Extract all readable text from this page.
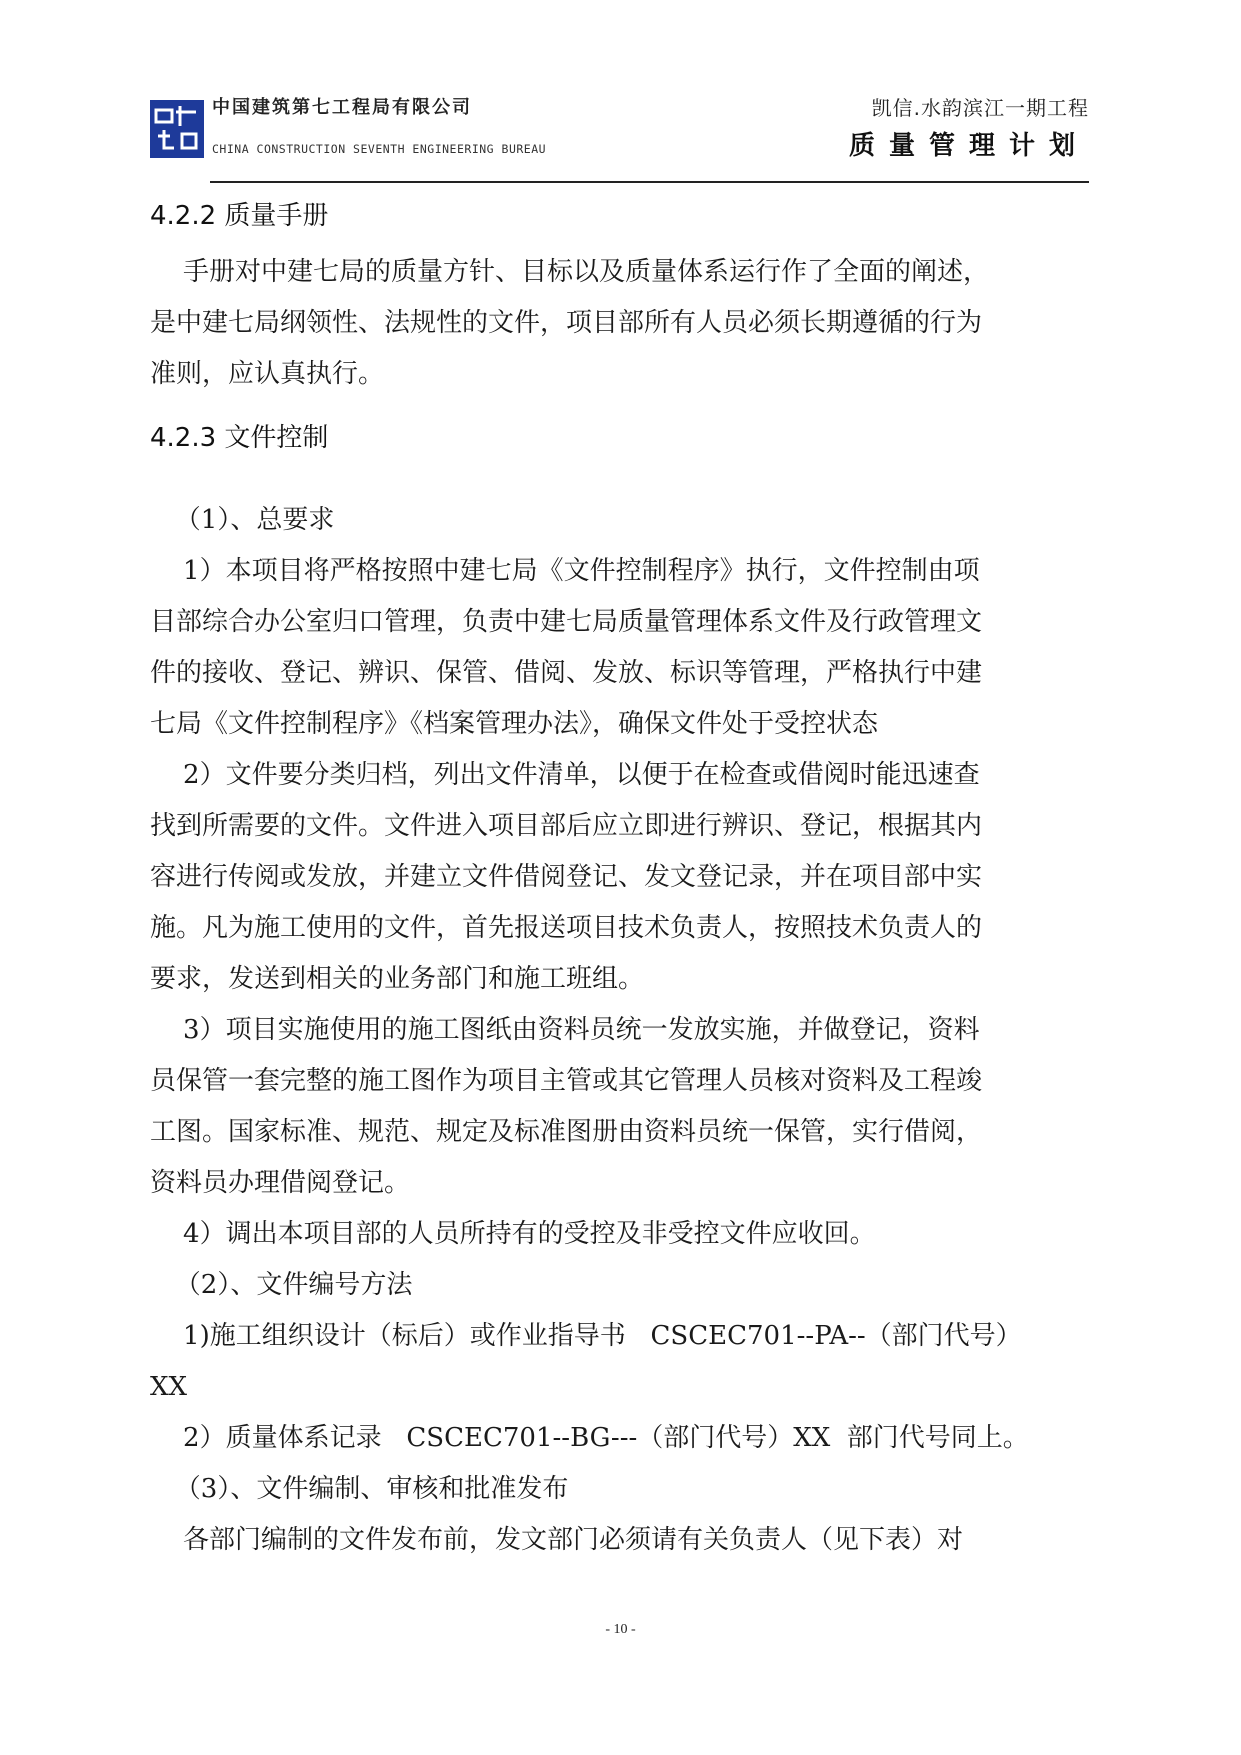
中国建筑第七工程局有限公司
CHINA CONSTRUCTION SEVENTH ENGINEERING BUREAU
凯信.水韵滨江一期工程
质量管理计划
4.2.2 质量手册
手册对中建七局的质量方针、目标以及质量体系运行作了全面的阐述，
是中建七局纲领性、法规性的文件，项目部所有人员必须长期遵循的行为
准则，应认真执行。
4.2.3 文件控制
（1）、总要求
1）本项目将严格按照中建七局《文件控制程序》执行，文件控制由项
目部综合办公室归口管理，负责中建七局质量管理体系文件及行政管理文
件的接收、登记、辨识、保管、借阅、发放、标识等管理，严格执行中建
七局《文件控制程序》《档案管理办法》，确保文件处于受控状态
2）文件要分类归档，列出文件清单，以便于在检查或借阅时能迅速查
找到所需要的文件。文件进入项目部后应立即进行辨识、登记，根据其内
容进行传阅或发放，并建立文件借阅登记、发文登记录，并在项目部中实
施。凡为施工使用的文件，首先报送项目技术负责人，按照技术负责人的
要求，发送到相关的业务部门和施工班组。
3）项目实施使用的施工图纸由资料员统一发放实施，并做登记，资料
员保管一套完整的施工图作为项目主管或其它管理人员核对资料及工程竣
工图。国家标准、规范、规定及标准图册由资料员统一保管，实行借阅，
资料员办理借阅登记。
4）调出本项目部的人员所持有的受控及非受控文件应收回。
（2）、文件编号方法
1)施工组织设计（标后）或作业指导书   CSCEC701--PA--（部门代号）
XX
2）质量体系记录   CSCEC701--BG---（部门代号）XX  部门代号同上。
（3）、文件编制、审核和批准发布
各部门编制的文件发布前，发文部门必须请有关负责人（见下表）对
- 10 -
